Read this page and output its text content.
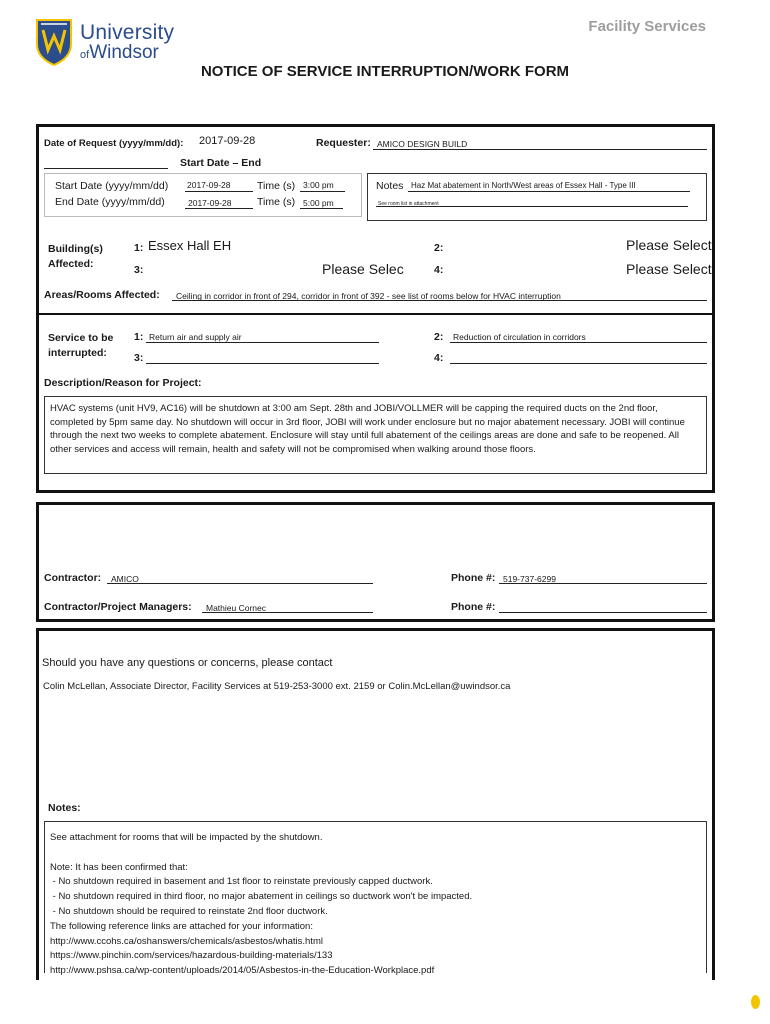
University
ofWindsor
Facility Services
NOTICE OF SERVICE INTERRUPTION/WORK FORM
Date of Request (yyyy/mm/dd): 2017-09-28	Requester: AMICO DESIGN BUILD
Start Date – End
Start Date (yyyy/mm/dd) 2017-09-28	Time (s) 3:00 pm
End Date (yyyy/mm/dd)	2017-09-28 Time (s) 5:00 pm
Notes Haz Mat abatement in North/West areas of Essex Hall - Type III
See room list in attachment
Building(s)
Affected:
1: Essex Hall EH	2:	Please Select
3:	Please Selec	4:	Please Select
Areas/Rooms Affected: Ceiling in corridor in front of 294, corridor in front of 392 - see list of rooms below for HVAC interruption
Service to be
interrupted:
1: Return air and supply air	2: Reduction of circulation in corridors
3:	4:
Description/Reason for Project:
HVAC systems (unit HV9, AC16) will be shutdown at 3:00 am Sept. 28th and JOBI/VOLLMER will be capping the required ducts on the 2nd floor, completed by 5pm same day. No shutdown will occur in 3rd floor, JOBI will work under enclosure but no major abatement necessary. JOBI will continue through the next two weeks to complete abatement. Enclosure will stay until full abatement of the ceilings areas are done and safe to be reopened. All other services and access will remain, health and safety will not be compromised when walking around those floors.
Contractor: AMICO	Phone #: 519-737-6299
Contractor/Project Managers: Mathieu Cornec	Phone #:
Should you have any questions or concerns, please contact
Colin McLellan, Associate Director, Facility Services at 519-253-3000 ext. 2159 or Colin.McLellan@uwindsor.ca
Notes:
See attachment for rooms that will be impacted by the shutdown.
Note: It has been confirmed that:
- No shutdown required in basement and 1st floor to reinstate previously capped ductwork.
- No shutdown required in third floor, no major abatement in ceilings so ductwork won't be impacted.
- No shutdown should be required to reinstate 2nd floor ductwork.
The following reference links are attached for your information:
http://www.ccohs.ca/oshanswers/chemicals/asbestos/whatis.html
https://www.pinchin.com/services/hazardous-building-materials/133
http://www.pshsa.ca/wp-content/uploads/2014/05/Asbestos-in-the-Education-Workplace.pdf
